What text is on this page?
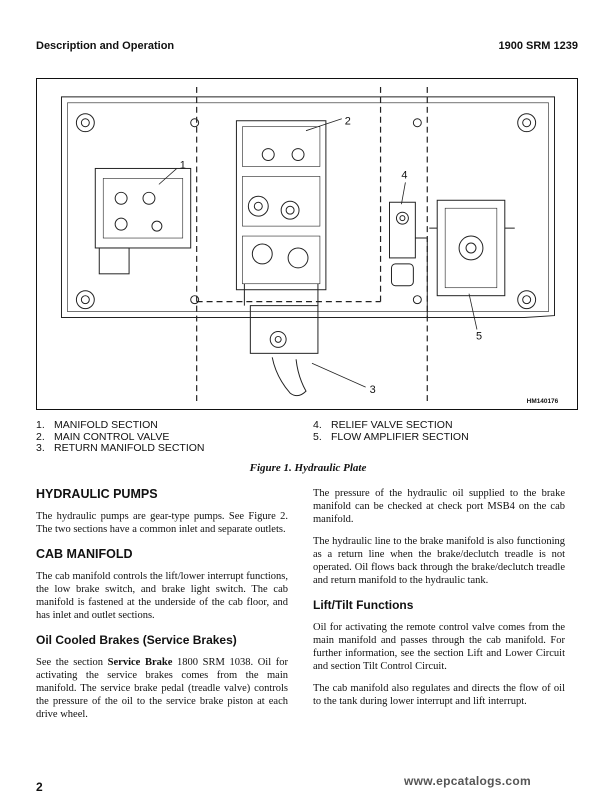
Description and Operation	1900 SRM 1239
1
2
3
4
5
HM140176
1. MANIFOLD SECTION
2. MAIN CONTROL VALVE
3. RETURN MANIFOLD SECTION
4. RELIEF VALVE SECTION
5. FLOW AMPLIFIER SECTION
Figure 1. Hydraulic Plate
HYDRAULIC PUMPS

The hydraulic pumps are gear-type pumps. See Figure 2. The two sections have a common inlet and separate outlets.

CAB MANIFOLD

The cab manifold controls the lift/lower interrupt functions, the low brake switch, and brake light switch. The cab manifold is fastened at the underside of the cab floor, and has inlet and outlet sections.

Oil Cooled Brakes (Service Brakes)

See the section Service Brake 1800 SRM 1038. Oil for activating the service brakes comes from the main manifold. The service brake pedal (treadle valve) controls the pressure of the oil to the service brake piston at each drive wheel.

The pressure of the hydraulic oil supplied to the brake manifold can be checked at check port MSB4 on the cab manifold.

The hydraulic line to the brake manifold is also functioning as a return line when the brake/declutch treadle is not operated. Oil flows back through the brake/declutch treadle and return manifold to the hydraulic tank.

Lift/Tilt Functions

Oil for activating the remote control valve comes from the main manifold and passes through the cab manifold. For further information, see the section Lift and Lower Circuit and section Tilt Control Circuit.

The cab manifold also regulates and directs the flow of oil to the tank during lower interrupt and lift interrupt.

2	www.epcatalogs.com
